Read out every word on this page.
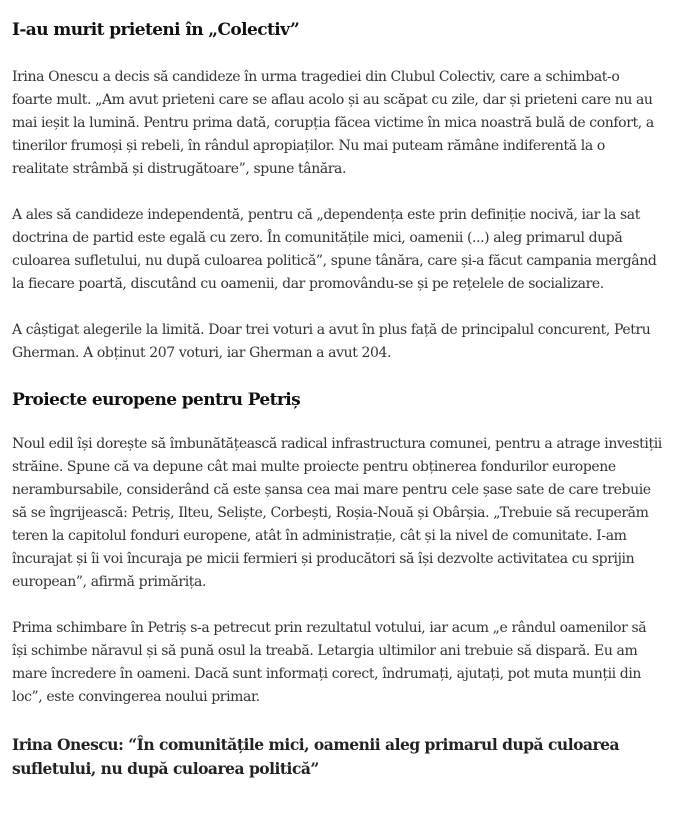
I-au murit prieteni în „Colectiv”

Irina Onescu a decis să candideze în urma tragediei din Clubul Colectiv, care a schimbat-o foarte mult. „Am avut prieteni care se aflau acolo și au scăpat cu zile, dar și prieteni care nu au mai ieșit la lumină. Pentru prima dată, corupția făcea victime în mica noastră bulă de confort, a tinerilor frumoși și rebeli, în rândul apropiaților. Nu mai puteam rămâne indiferentă la o realitate strâmbă și distrugătoare”, spune tânăra.

A ales să candideze independentă, pentru că „dependența este prin definiție nocivă, iar la sat doctrina de partid este egală cu zero. În comunitățile mici, oamenii (...) aleg primarul după culoarea sufletului, nu după culoarea politică”, spune tânăra, care și-a făcut campania mergând la fiecare poartă, discutând cu oamenii, dar promovându-se și pe rețelele de socializare.

A câștigat alegerile la limită. Doar trei voturi a avut în plus față de principalul concurent, Petru Gherman. A obținut 207 voturi, iar Gherman a avut 204.

Proiecte europene pentru Petriș

Noul edil își dorește să îmbunătățească radical infrastructura comunei, pentru a atrage investiții străine. Spune că va depune cât mai multe proiecte pentru obținerea fondurilor europene nerambursabile, considerând că este șansa cea mai mare pentru cele șase sate de care trebuie să se îngrijească: Petriș, Ilteu, Seliște, Corbești, Roșia-Nouă și Obârșia. „Trebuie să recuperăm teren la capitolul fonduri europene, atât în administrație, cât și la nivel de comunitate. I-am încurajat și îi voi încuraja pe micii fermieri și producători să își dezvolte activitatea cu sprijin european”, afirmă primărița.

Prima schimbare în Petriș s-a petrecut prin rezultatul votului, iar acum „e rândul oamenilor să își schimbe năravul și să pună osul la treabă. Letargia ultimilor ani trebuie să dispară. Eu am mare încredere în oameni. Dacă sunt informați corect, îndrumați, ajutați, pot muta munții din loc”, este convingerea noului primar.

Irina Onescu: “În comunitățile mici, oamenii aleg primarul după culoarea sufletului, nu după culoarea politică”
